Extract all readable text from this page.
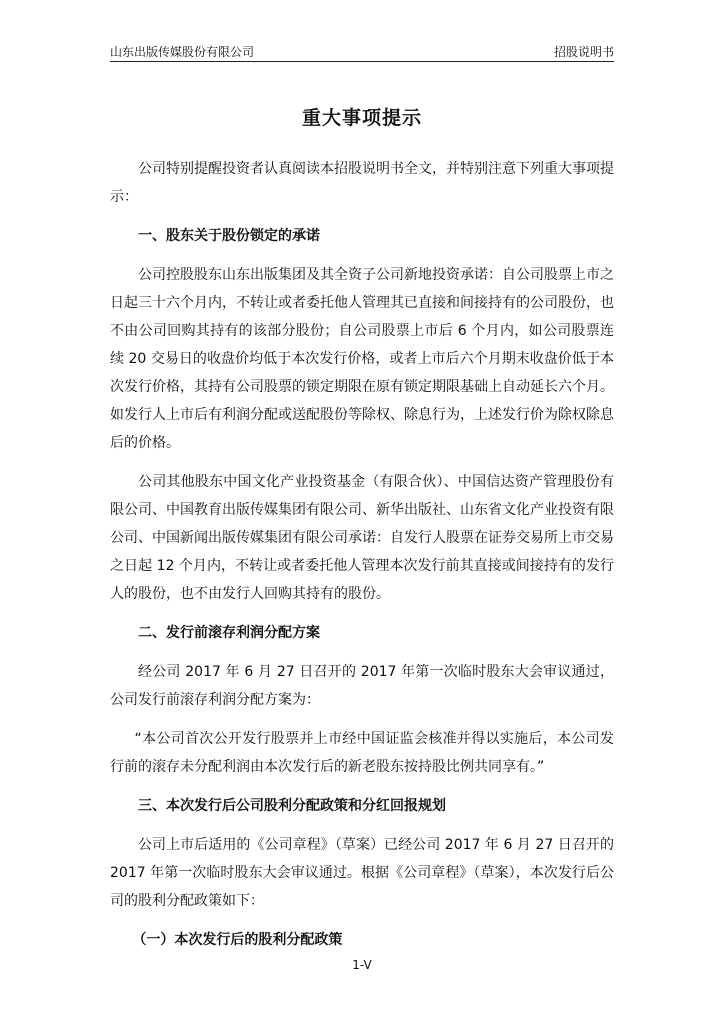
山东出版传媒股份有限公司	招股说明书
重大事项提示

公司特别提醒投资者认真阅读本招股说明书全文，并特别注意下列重大事项提示：

一、股东关于股份锁定的承诺

公司控股股东山东出版集团及其全资子公司新地投资承诺：自公司股票上市之日起三十六个月内，不转让或者委托他人管理其已直接和间接持有的公司股份，也不由公司回购其持有的该部分股份；自公司股票上市后 6 个月内，如公司股票连续 20 交易日的收盘价均低于本次发行价格，或者上市后六个月期末收盘价低于本次发行价格，其持有公司股票的锁定期限在原有锁定期限基础上自动延长六个月。如发行人上市后有利润分配或送配股份等除权、除息行为，上述发行价为除权除息后的价格。

公司其他股东中国文化产业投资基金（有限合伙）、中国信达资产管理股份有限公司、中国教育出版传媒集团有限公司、新华出版社、山东省文化产业投资有限公司、中国新闻出版传媒集团有限公司承诺：自发行人股票在证券交易所上市交易之日起 12 个月内，不转让或者委托他人管理本次发行前其直接或间接持有的发行人的股份，也不由发行人回购其持有的股份。

二、发行前滚存利润分配方案

经公司 2017 年 6 月 27 日召开的 2017 年第一次临时股东大会审议通过，公司发行前滚存利润分配方案为：

“本公司首次公开发行股票并上市经中国证监会核准并得以实施后，本公司发行前的滚存未分配利润由本次发行后的新老股东按持股比例共同享有。”

三、本次发行后公司股利分配政策和分红回报规划

公司上市后适用的《公司章程》（草案）已经公司 2017 年 6 月 27 日召开的 2017 年第一次临时股东大会审议通过。根据《公司章程》（草案），本次发行后公司的股利分配政策如下：

（一）本次发行后的股利分配政策
1-V
